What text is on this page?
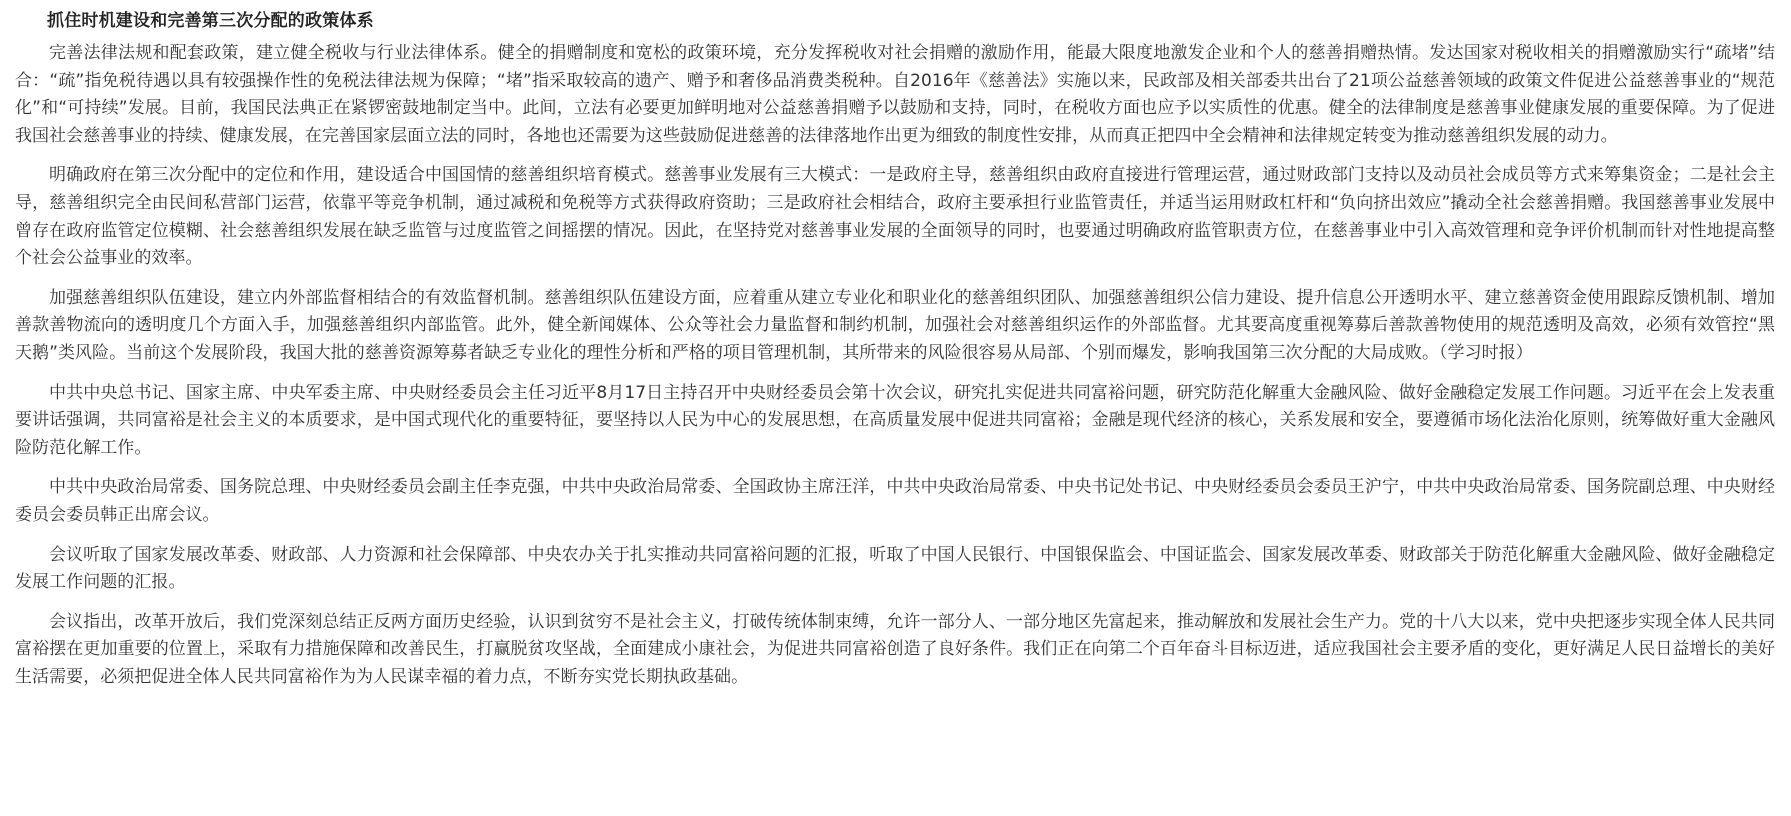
抓住时机建设和完善第三次分配的政策体系

完善法律法规和配套政策，建立健全税收与行业法律体系。健全的捐赠制度和宽松的政策环境，充分发挥税收对社会捐赠的激励作用，能最大限度地激发企业和个人的慈善捐赠热情。发达国家对税收相关的捐赠激励实行“疏堵”结合：“疏”指免税待遇以具有较强操作性的免税法律法规为保障；“堵”指采取较高的遗产、赠予和奢侈品消费类税种。自2016年《慈善法》实施以来，民政部及相关部委共出台了21项公益慈善领域的政策文件促进公益慈善事业的“规范化”和“可持续”发展。目前，我国民法典正在紧锣密鼓地制定当中。此间，立法有必要更加鲜明地对公益慈善捐赠予以鼓励和支持，同时，在税收方面也应予以实质性的优惠。健全的法律制度是慈善事业健康发展的重要保障。为了促进我国社会慈善事业的持续、健康发展，在完善国家层面立法的同时，各地也还需要为这些鼓励促进慈善的法律落地作出更为细致的制度性安排，从而真正把四中全会精神和法律规定转变为推动慈善组织发展的动力。

明确政府在第三次分配中的定位和作用，建设适合中国国情的慈善组织培育模式。慈善事业发展有三大模式：一是政府主导，慈善组织由政府直接进行管理运营，通过财政部门支持以及动员社会成员等方式来筹集资金；二是社会主导，慈善组织完全由民间私营部门运营，依靠平等竞争机制，通过减税和免税等方式获得政府资助；三是政府社会相结合，政府主要承担行业监管责任，并适当运用财政杠杆和“负向挤出效应”撬动全社会慈善捐赠。我国慈善事业发展中曾存在政府监管定位模糊、社会慈善组织发展在缺乏监管与过度监管之间摇摆的情况。因此，在坚持党对慈善事业发展的全面领导的同时，也要通过明确政府监管职责方位，在慈善事业中引入高效管理和竞争评价机制而针对性地提高整个社会公益事业的效率。

加强慈善组织队伍建设，建立内外部监督相结合的有效监督机制。慈善组织队伍建设方面，应着重从建立专业化和职业化的慈善组织团队、加强慈善组织公信力建设、提升信息公开透明水平、建立慈善资金使用跟踪反馈机制、增加善款善物流向的透明度几个方面入手，加强慈善组织内部监管。此外，健全新闻媒体、公众等社会力量监督和制约机制，加强社会对慈善组织运作的外部监督。尤其要高度重视筹募后善款善物使用的规范透明及高效，必须有效管控“黑天鹅”类风险。当前这个发展阶段，我国大批的慈善资源筹募者缺乏专业化的理性分析和严格的项目管理机制，其所带来的风险很容易从局部、个别而爆发，影响我国第三次分配的大局成败。（学习时报）

中共中央总书记、国家主席、中央军委主席、中央财经委员会主任习近平8月17日主持召开中央财经委员会第十次会议，研究扎实促进共同富裕问题，研究防范化解重大金融风险、做好金融稳定发展工作问题。习近平在会上发表重要讲话强调，共同富裕是社会主义的本质要求，是中国式现代化的重要特征，要坚持以人民为中心的发展思想，在高质量发展中促进共同富裕；金融是现代经济的核心，关系发展和安全，要遵循市场化法治化原则，统筹做好重大金融风险防范化解工作。

中共中央政治局常委、国务院总理、中央财经委员会副主任李克强，中共中央政治局常委、全国政协主席汪洋，中共中央政治局常委、中央书记处书记、中央财经委员会委员王沪宁，中共中央政治局常委、国务院副总理、中央财经委员会委员韩正出席会议。

会议听取了国家发展改革委、财政部、人力资源和社会保障部、中央农办关于扎实推动共同富裕问题的汇报，听取了中国人民银行、中国银保监会、中国证监会、国家发展改革委、财政部关于防范化解重大金融风险、做好金融稳定发展工作问题的汇报。

会议指出，改革开放后，我们党深刻总结正反两方面历史经验，认识到贫穷不是社会主义，打破传统体制束缚，允许一部分人、一部分地区先富起来，推动解放和发展社会生产力。党的十八大以来，党中央把逐步实现全体人民共同富裕摆在更加重要的位置上，采取有力措施保障和改善民生，打赢脱贫攻坚战，全面建成小康社会，为促进共同富裕创造了良好条件。我们正在向第二个百年奋斗目标迈进，适应我国社会主要矛盾的变化，更好满足人民日益增长的美好生活需要，必须把促进全体人民共同富裕作为为人民谋幸福的着力点，不断夯实党长期执政基础。
